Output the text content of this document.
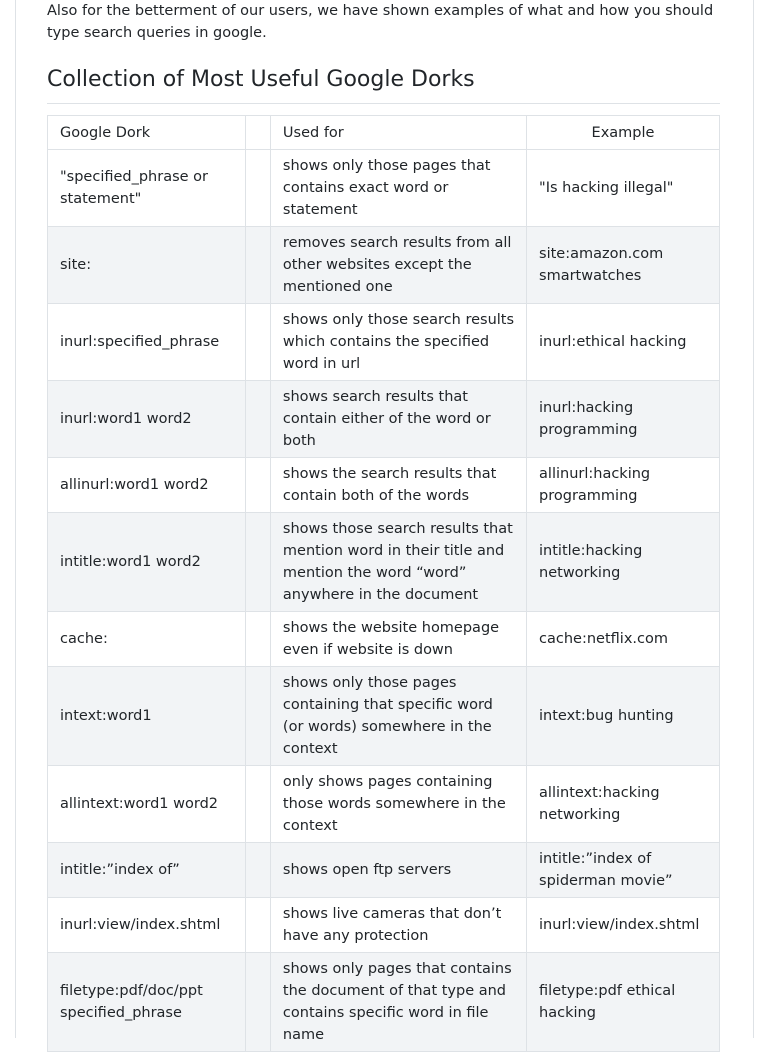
Also for the betterment of our users, we have shown examples of what and how you should type search queries in google.

Collection of Most Useful Google Dorks
Google Dork		Used for	Example
"specified_phrase or statement"		shows only those pages that contains exact word or statement	"Is hacking illegal"
site:		removes search results from all other websites except the mentioned one	site:amazon.com smartwatches
inurl:specified_phrase		shows only those search results which contains the specified word in url	inurl:ethical hacking
inurl:word1 word2		shows search results that contain either of the word or both	inurl:hacking programming
allinurl:word1 word2		shows the search results that contain both of the words	allinurl:hacking programming
intitle:word1 word2		shows those search results that mention word in their title and mention the word “word” anywhere in the document	intitle:hacking networking
cache:		shows the website homepage even if website is down	cache:netflix.com
intext:word1		shows only those pages containing that specific word (or words) somewhere in the context	intext:bug hunting
allintext:word1 word2		only shows pages containing those words somewhere in the context	allintext:hacking networking
intitle:”index of”		shows open ftp servers	intitle:”index of spiderman movie”
inurl:view/index.shtml		shows live cameras that don’t have any protection	inurl:view/index.shtml
filetype:pdf/doc/ppt specified_phrase		shows only pages that contains the document of that type and contains specific word in file name	filetype:pdf ethical hacking
